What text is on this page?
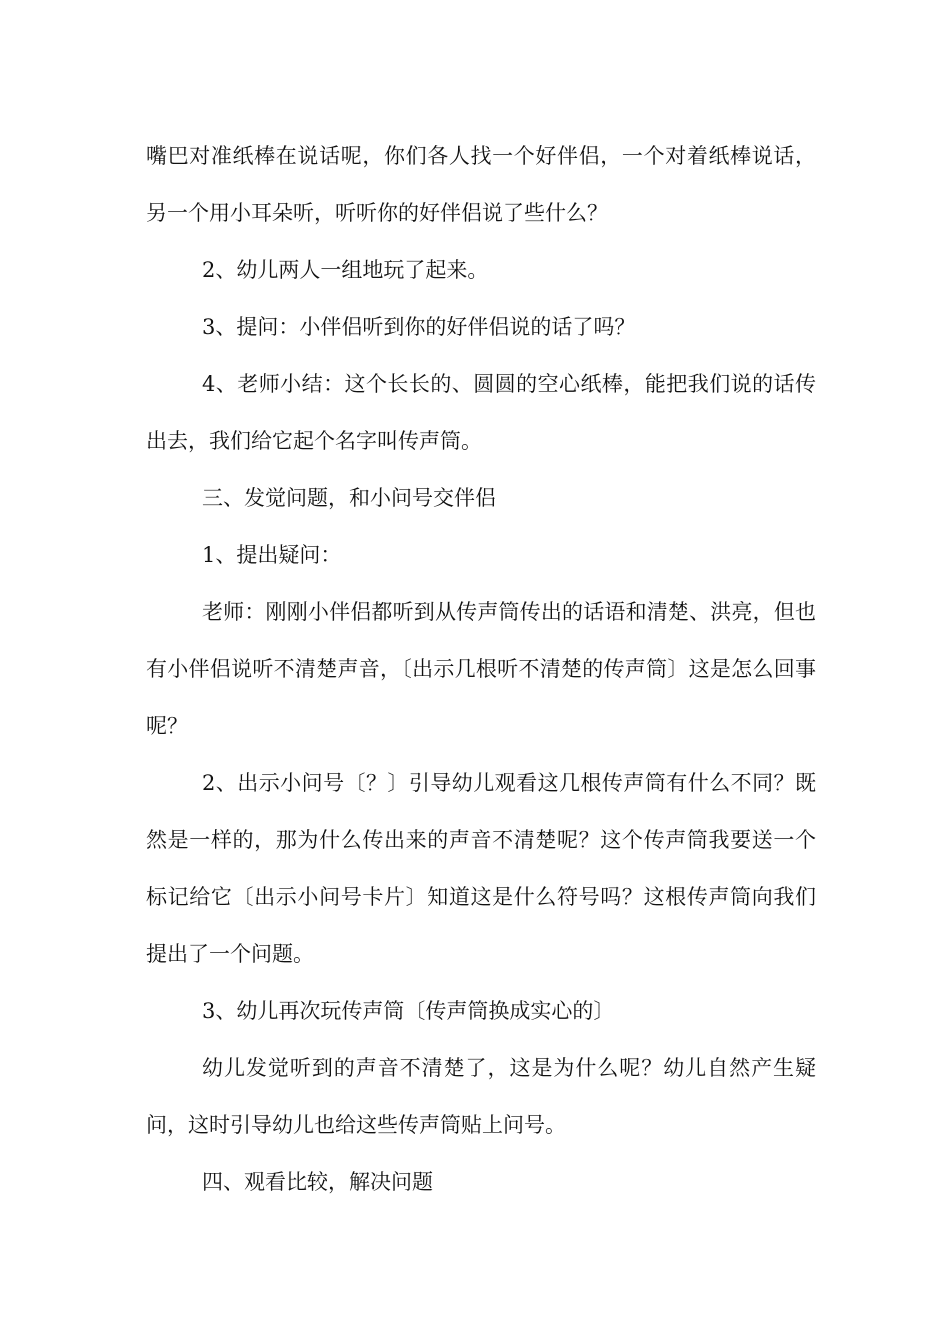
嘴巴对准纸棒在说话呢，你们各人找一个好伴侣，一个对着纸棒说话，另一个用小耳朵听，听听你的好伴侣说了些什么？

2、幼儿两人一组地玩了起来。

3、提问：小伴侣听到你的好伴侣说的话了吗？

4、老师小结：这个长长的、圆圆的空心纸棒，能把我们说的话传出去，我们给它起个名字叫传声筒。

三、发觉问题，和小问号交伴侣

1、提出疑问：

老师：刚刚小伴侣都听到从传声筒传出的话语和清楚、洪亮，但也有小伴侣说听不清楚声音，〔出示几根听不清楚的传声筒〕这是怎么回事呢？

2、出示小问号〔？〕引导幼儿观看这几根传声筒有什么不同？既然是一样的，那为什么传出来的声音不清楚呢？这个传声筒我要送一个标记给它〔出示小问号卡片〕知道这是什么符号吗？这根传声筒向我们提出了一个问题。

3、幼儿再次玩传声筒〔传声筒换成实心的〕

幼儿发觉听到的声音不清楚了，这是为什么呢？幼儿自然产生疑问，这时引导幼儿也给这些传声筒贴上问号。

四、观看比较，解决问题
